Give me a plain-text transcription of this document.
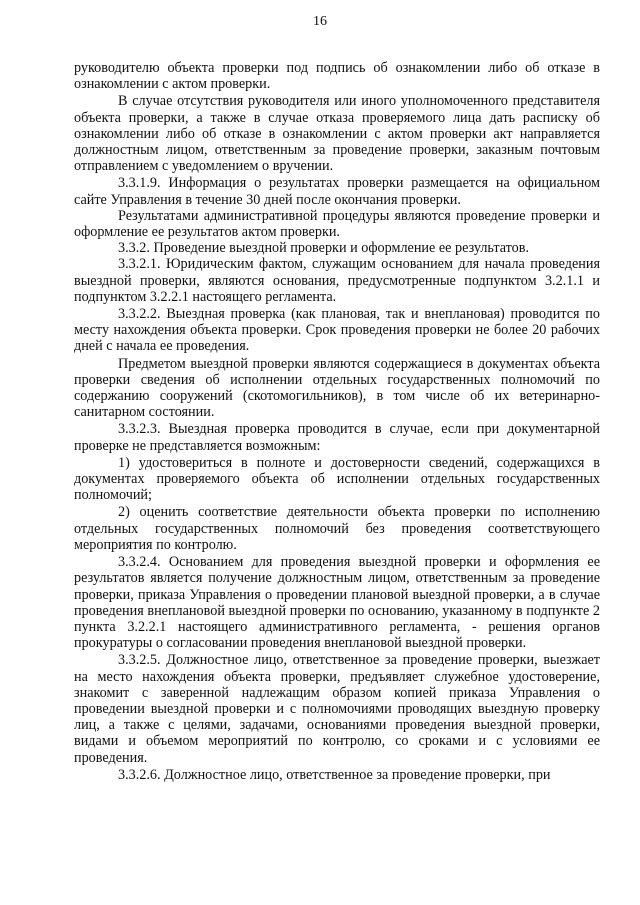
16

руководителю объекта проверки под подпись об ознакомлении либо об отказе в ознакомлении с актом проверки.

В случае отсутствия руководителя или иного уполномоченного представителя объекта проверки, а также в случае отказа проверяемого лица дать расписку об ознакомлении либо об отказе в ознакомлении с актом проверки акт направляется должностным лицом, ответственным за проведение проверки, заказным почтовым отправлением с уведомлением о вручении.

3.3.1.9. Информация о результатах проверки размещается на официальном сайте Управления в течение 30 дней после окончания проверки.

Результатами административной процедуры являются проведение проверки и оформление ее результатов актом проверки.

3.3.2. Проведение выездной проверки и оформление ее результатов.

3.3.2.1. Юридическим фактом, служащим основанием для начала проведения выездной проверки, являются основания, предусмотренные подпунктом 3.2.1.1 и подпунктом 3.2.2.1 настоящего регламента.

3.3.2.2. Выездная проверка (как плановая, так и внеплановая) проводится по месту нахождения объекта проверки. Срок проведения проверки не более 20 рабочих дней с начала ее проведения.

Предметом выездной проверки являются содержащиеся в документах объекта проверки сведения об исполнении отдельных государственных полномочий по содержанию сооружений (скотомогильников), в том числе об их ветеринарно-санитарном состоянии.

3.3.2.3. Выездная проверка проводится в случае, если при документарной проверке не представляется возможным:

1) удостовериться в полноте и достоверности сведений, содержащихся в документах проверяемого объекта об исполнении отдельных государственных полномочий;

2) оценить соответствие деятельности объекта проверки по исполнению отдельных государственных полномочий без проведения соответствующего мероприятия по контролю.

3.3.2.4. Основанием для проведения выездной проверки и оформления ее результатов является получение должностным лицом, ответственным за проведение проверки, приказа Управления о проведении плановой выездной проверки, а в случае проведения внеплановой выездной проверки по основанию, указанному в подпункте 2 пункта 3.2.2.1 настоящего административного регламента, - решения органов прокуратуры о согласовании проведения внеплановой выездной проверки.

3.3.2.5. Должностное лицо, ответственное за проведение проверки, выезжает на место нахождения объекта проверки, предъявляет служебное удостоверение, знакомит с заверенной надлежащим образом копией приказа Управления о проведении выездной проверки и с полномочиями проводящих выездную проверку лиц, а также с целями, задачами, основаниями проведения выездной проверки, видами и объемом мероприятий по контролю, со сроками и с условиями ее проведения.

3.3.2.6. Должностное лицо, ответственное за проведение проверки, при
